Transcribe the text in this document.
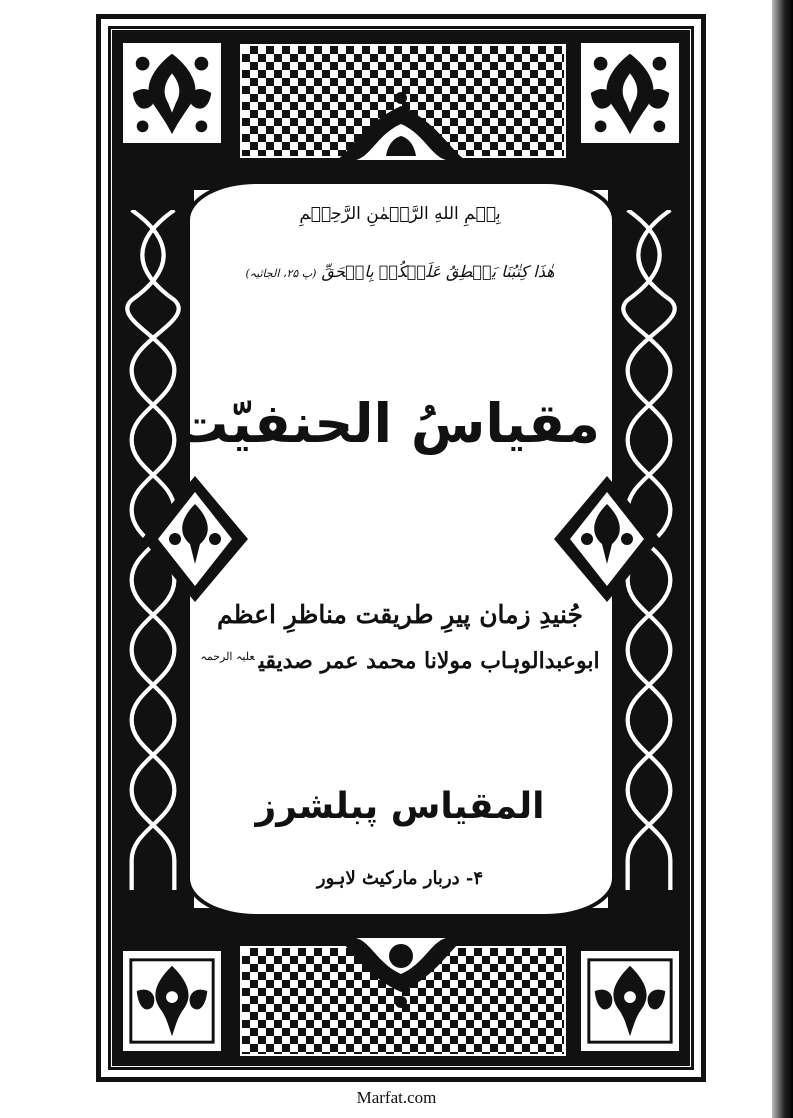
بِسۡمِ اللهِ الرَّحۡمٰنِ الرَّحِیۡمِ
هٰذَا كِتٰبُنَا يَنۡطِقُ عَلَيۡكُمۡ بِالۡحَقِّ (پ ۲۵، الجاثیہ)
مقیاسُ الحنفیّت
جُنیدِ زمان پیرِ طریقت مناظرِ اعظم
ابوعبدالوہاب مولانا محمد عمر صدیقی$^{علیہ الرحمہ}$
المقیاس پبلشرز
۴- دربار مارکیٹ لاہور
Marfat.com
